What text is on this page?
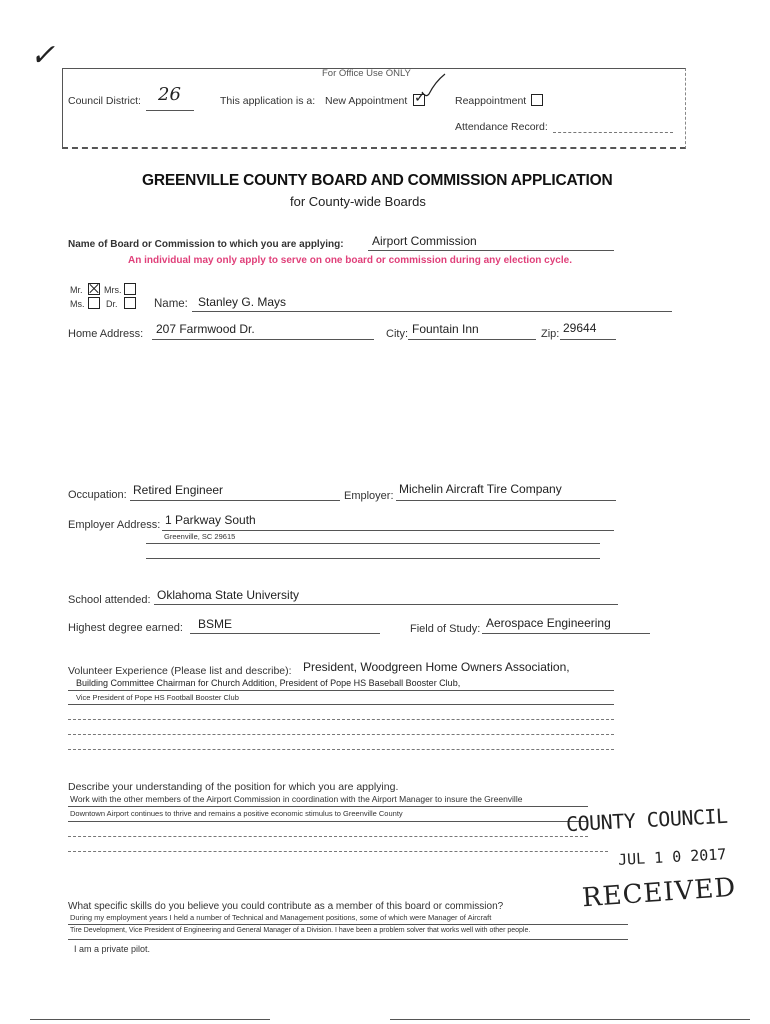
✓
For Office Use ONLY
Council District: 26	This application is a: New Appointment
✓	Reappointment
Attendance Record:
GREENVILLE COUNTY BOARD AND COMMISSION APPLICATION
for County-wide Boards
Name of Board or Commission to which you are applying: Airport Commission
An individual may only apply to serve on one board or commission during any election cycle.
Mr. Mrs.
Ms. Dr.	Name: Stanley G. Mays
Home Address: 207 Farmwood Dr.	City: Fountain Inn	Zip: 29644
Occupation: Retired Engineer	Employer: Michelin Aircraft Tire Company
Employer Address: 1 Parkway South
Greenville, SC 29615
School attended: Oklahoma State University
Highest degree earned: BSME	Field of Study: Aerospace Engineering
Volunteer Experience (Please list and describe): President, Woodgreen Home Owners Association,
Building Committee Chairman for Church Addition, President of Pope HS Baseball Booster Club,
Vice President of Pope HS Football Booster Club
Describe your understanding of the position for which you are applying.
Work with the other members of the Airport Commission in coordination with the Airport Manager to insure the Greenville
Downtown Airport continues to thrive and remains a positive economic stimulus to Greenville County	COUNTY COUNCIL
JUL 1 0 2017
RECEIVED
What specific skills do you believe you could contribute as a member of this board or commission?
During my employment years I held a number of Technical and Management positions, some of which were Manager of Aircraft
Tire Development, Vice President of Engineering and General Manager of a Division. I have been a problem solver that works well with other people.
I am a private pilot.
